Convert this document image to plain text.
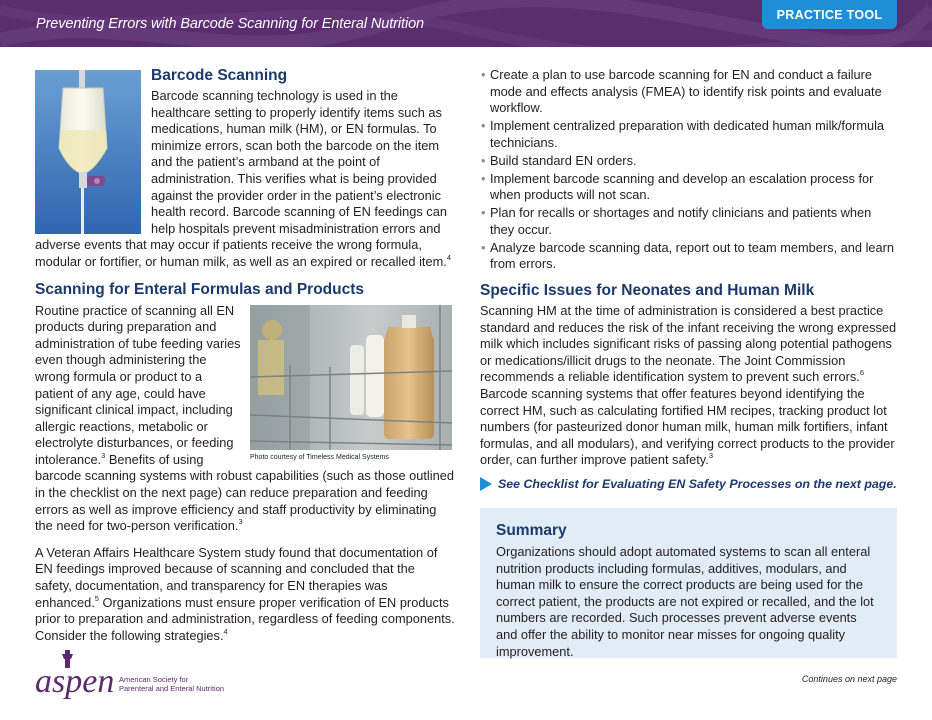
Preventing Errors with Barcode Scanning for Enteral Nutrition
PRACTICE TOOL
Barcode Scanning

Barcode scanning technology is used in the healthcare setting to properly identify items such as medications, human milk (HM), or EN formulas. To minimize errors, scan both the barcode on the item and the patient’s armband at the point of administration. This verifies what is being provided against the provider order in the patient’s electronic health record. Barcode scanning of EN feedings can help hospitals prevent misadministration errors and adverse events that may occur if patients receive the wrong formula, modular or fortifier, or human milk, as well as an expired or recalled item.$^4$

Scanning for Enteral Formulas and Products
Photo courtesy of Timeless Medical Systems

Routine practice of scanning all EN products during preparation and administration of tube feeding varies even though administering the wrong formula or product to a patient of any age, could have significant clinical impact, including allergic reactions, metabolic or electrolyte disturbances, or feeding intolerance.$^3$ Benefits of using barcode scanning systems with robust capabilities (such as those outlined in the checklist on the next page) can reduce preparation and feeding errors as well as improve efficiency and staff productivity by eliminating the need for two-person verification.$^3$

A Veteran Affairs Healthcare System study found that documentation of EN feedings improved because of scanning and concluded that the safety, documentation, and transparency for EN therapies was enhanced.$^5$ Organizations must ensure proper verification of EN products prior to preparation and administration, regardless of feeding components. Consider the following strategies.$^4$

• Create a plan to use barcode scanning for EN and conduct a failure mode and effects analysis (FMEA) to identify risk points and evaluate workflow.
• Implement centralized preparation with dedicated human milk/formula technicians.
• Build standard EN orders.
• Implement barcode scanning and develop an escalation process for when products will not scan.
• Plan for recalls or shortages and notify clinicians and patients when they occur.
• Analyze barcode scanning data, report out to team members, and learn from errors.
Specific Issues for Neonates and Human Milk

Scanning HM at the time of administration is considered a best practice standard and reduces the risk of the infant receiving the wrong expressed milk which includes significant risks of passing along potential pathogens or medications/illicit drugs to the neonate. The Joint Commission recommends a reliable identification system to prevent such errors.$^6$ Barcode scanning systems that offer features beyond identifying the correct HM, such as calculating fortified HM recipes, tracking product lot numbers (for pasteurized donor human milk, human milk fortifiers, infant formulas, and all modulars), and verifying correct products to the provider order, can further improve patient safety.$^3$

See Checklist for Evaluating EN Safety Processes on the next page.
Summary

Organizations should adopt automated systems to scan all enteral nutrition products including formulas, additives, modulars, and human milk to ensure the correct products are being used for the correct patient, the products are not expired or recalled, and the lot numbers are recorded. Such processes prevent adverse events and offer the ability to monitor near misses for ongoing quality improvement.

aspen American Society for
Parenteral and Enteral Nutrition
Continues on next page
